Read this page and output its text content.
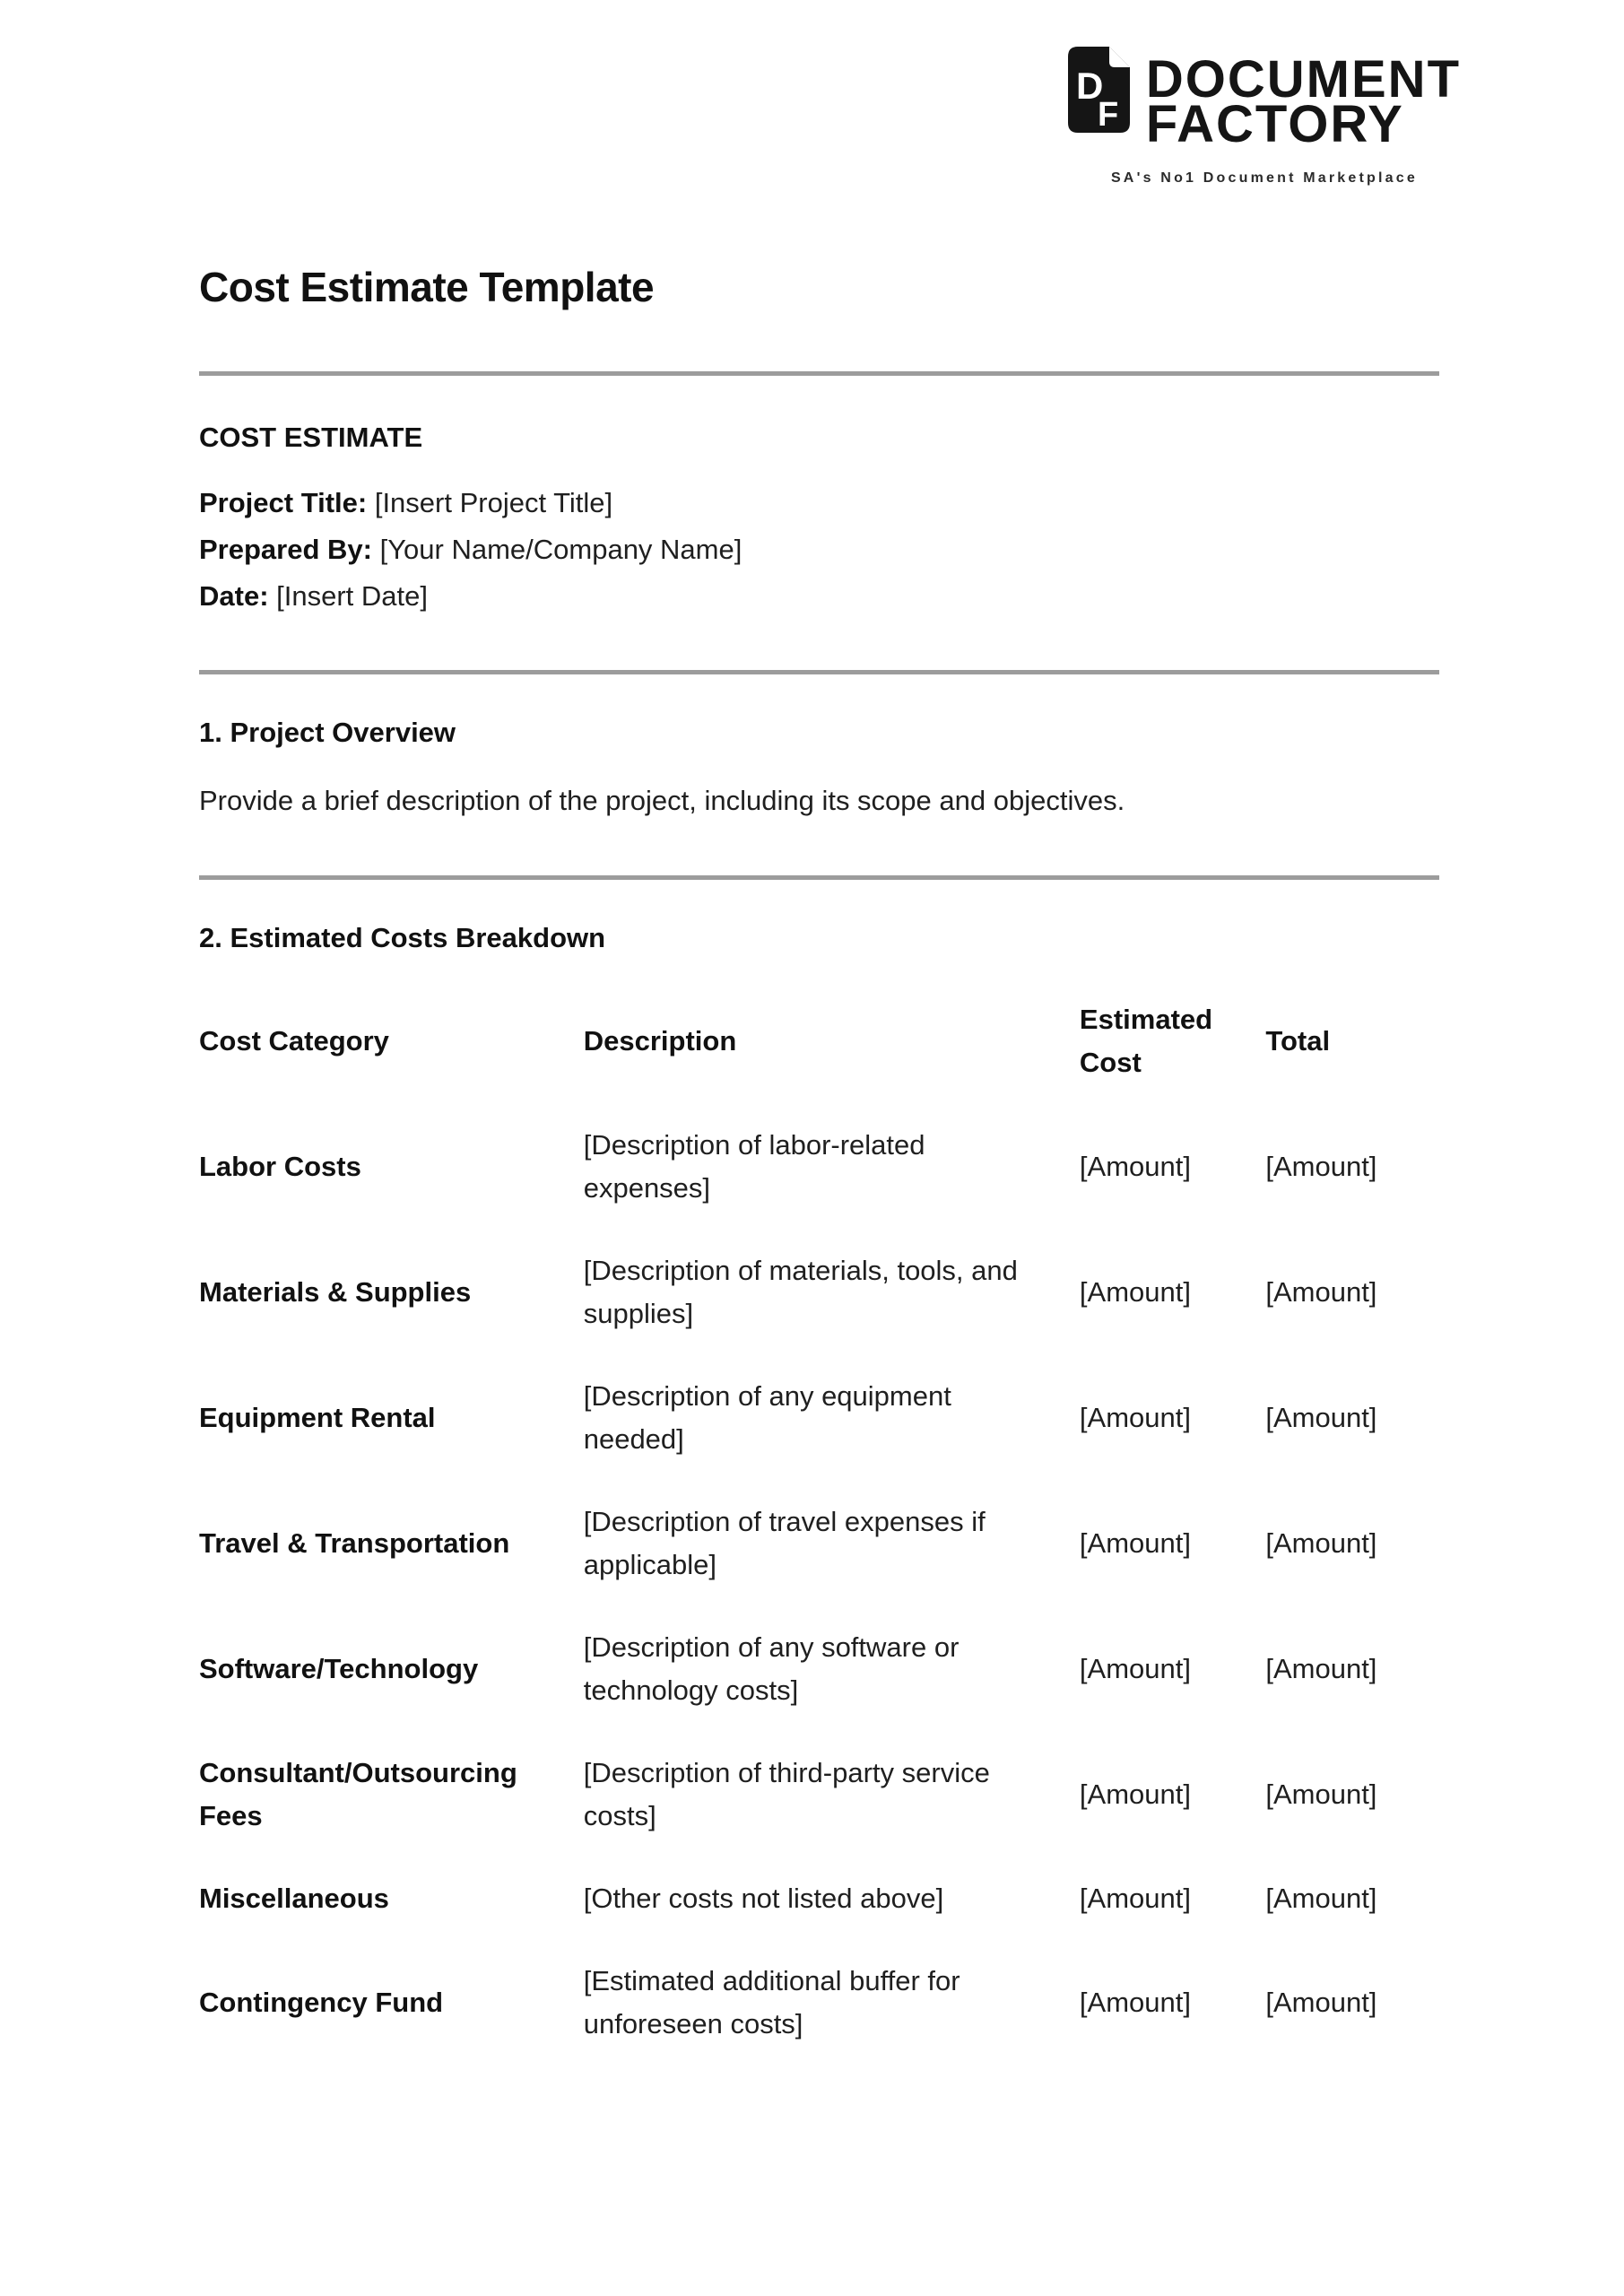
D
F
DOCUMENT
FACTORY
SA's No1 Document Marketplace
Cost Estimate Template
COST ESTIMATE
Project Title: [Insert Project Title]
Prepared By: [Your Name/Company Name]
Date: [Insert Date]
1. Project Overview

Provide a brief description of the project, including its scope and objectives.

2. Estimated Costs Breakdown
Cost Category	Description	Estimated Cost	Total
Labor Costs	[Description of labor-related expenses]	[Amount]	[Amount]
Materials & Supplies	[Description of materials, tools, and supplies]	[Amount]	[Amount]
Equipment Rental	[Description of any equipment needed]	[Amount]	[Amount]
Travel & Transportation	[Description of travel expenses if applicable]	[Amount]	[Amount]
Software/Technology	[Description of any software or technology costs]	[Amount]	[Amount]
Consultant/Outsourcing Fees	[Description of third-party service costs]	[Amount]	[Amount]
Miscellaneous	[Other costs not listed above]	[Amount]	[Amount]
Contingency Fund	[Estimated additional buffer for unforeseen costs]	[Amount]	[Amount]
